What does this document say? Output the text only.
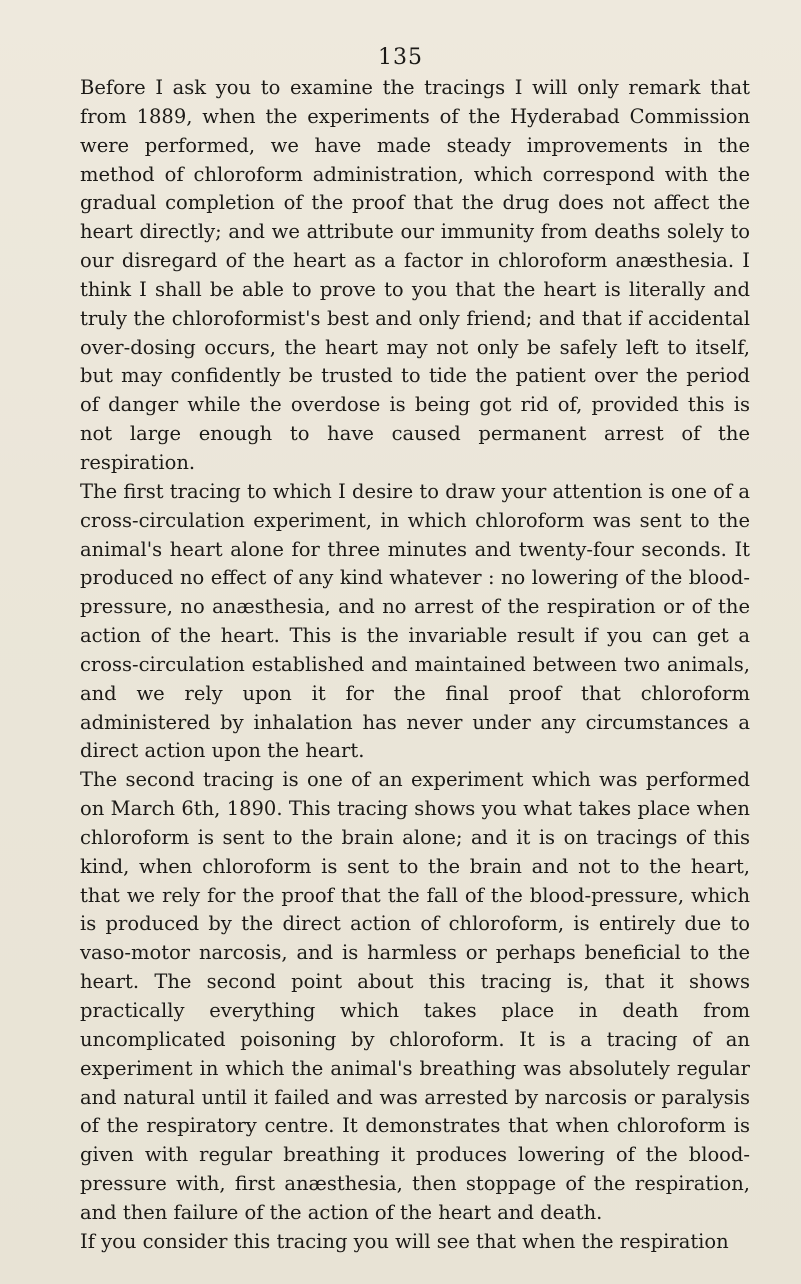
135

Before I ask you to examine the tracings I will only remark that from 1889, when the experiments of the Hyderabad Commission were performed, we have made steady improvements in the method of chloroform administration, which correspond with the gradual completion of the proof that the drug does not affect the heart directly; and we attribute our immunity from deaths solely to our disregard of the heart as a factor in chloroform anæsthesia. I think I shall be able to prove to you that the heart is literally and truly the chloroformist's best and only friend; and that if accidental over-dosing occurs, the heart may not only be safely left to itself, but may confidently be trusted to tide the patient over the period of danger while the overdose is being got rid of, provided this is not large enough to have caused permanent arrest of the respiration.

The first tracing to which I desire to draw your attention is one of a cross-circulation experiment, in which chloroform was sent to the animal's heart alone for three minutes and twenty-four seconds. It produced no effect of any kind whatever : no lowering of the blood-pressure, no anæsthesia, and no arrest of the respiration or of the action of the heart. This is the invariable result if you can get a cross-circulation established and maintained between two animals, and we rely upon it for the final proof that chloroform administered by inhalation has never under any circumstances a direct action upon the heart.

The second tracing is one of an experiment which was performed on March 6th, 1890. This tracing shows you what takes place when chloroform is sent to the brain alone; and it is on tracings of this kind, when chloroform is sent to the brain and not to the heart, that we rely for the proof that the fall of the blood-pressure, which is produced by the direct action of chloroform, is entirely due to vaso-motor narcosis, and is harmless or perhaps beneficial to the heart. The second point about this tracing is, that it shows practically everything which takes place in death from uncomplicated poisoning by chloroform. It is a tracing of an experiment in which the animal's breathing was absolutely regular and natural until it failed and was arrested by narcosis or paralysis of the respiratory centre. It demonstrates that when chloroform is given with regular breathing it produces lowering of the blood-pressure with, first anæsthesia, then stoppage of the respiration, and then failure of the action of the heart and death.

If you consider this tracing you will see that when the respiration
